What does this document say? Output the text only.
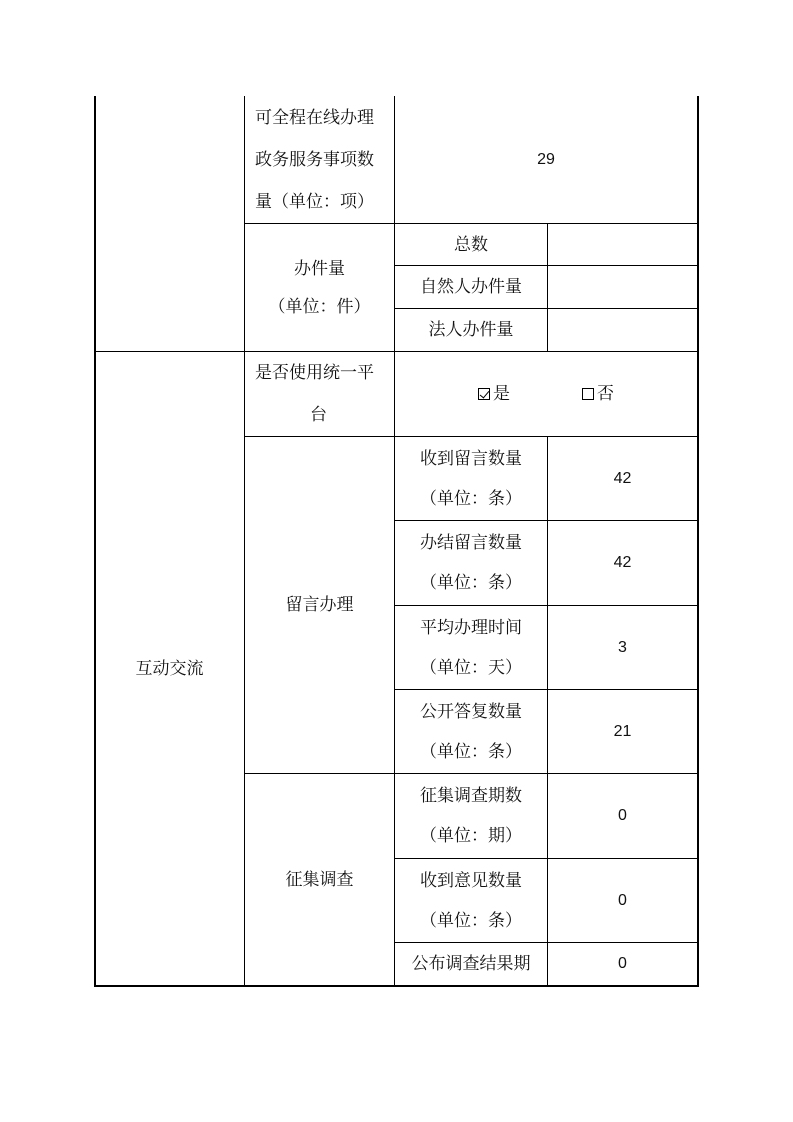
可全程在线办理
政务服务事项数
量（单位：项）
29
办件量
（单位：件）
总数
自然人办件量
法人办件量
互动交流
是否使用统一平
台
是	否
留言办理
收到留言数量
（单位：条）
42
办结留言数量
（单位：条）
42
平均办理时间
（单位：天）
3
公开答复数量
（单位：条）
21
征集调查
征集调查期数
（单位：期）
0
收到意见数量
（单位：条）
0
公布调查结果期	0
